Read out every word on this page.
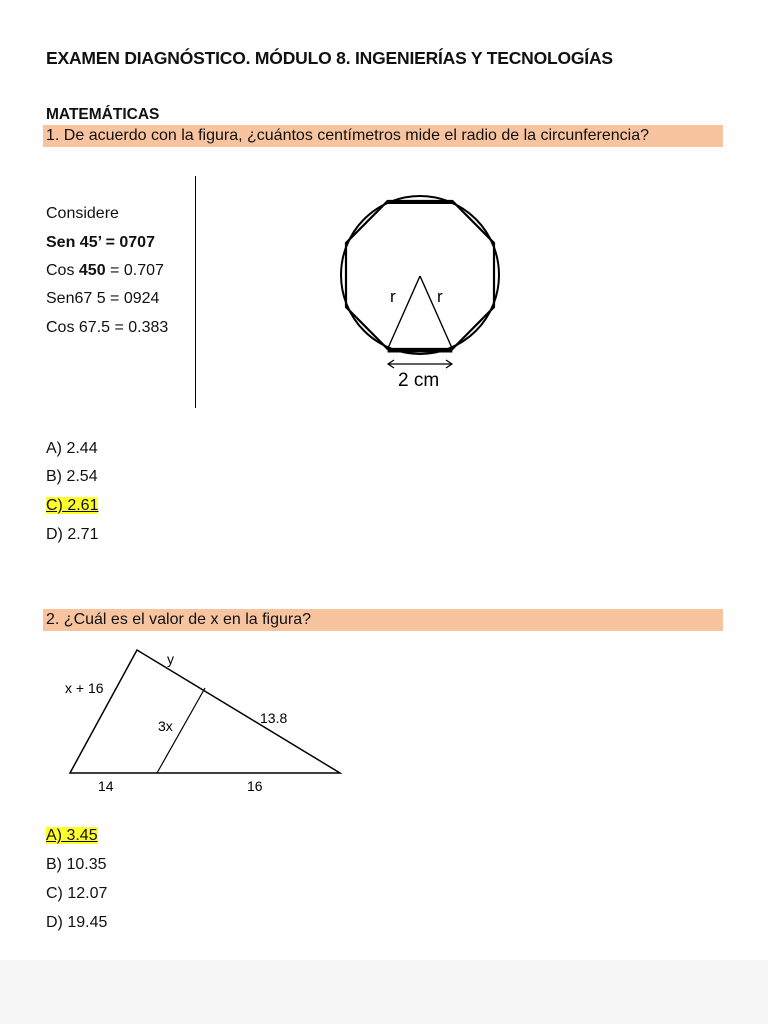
EXAMEN DIAGNÓSTICO. MÓDULO 8. INGENIERÍAS Y TECNOLOGÍAS
MATEMÁTICAS
1. De acuerdo con la figura, ¿cuántos centímetros mide el radio de la circunferencia?
Considere
Sen 45’ = 0707
Cos 450 = 0.707
Sen67 5 = 0924
Cos 67.5 = 0.383
r r
2 cm
A) 2.44
B) 2.54
C) 2.61
D) 2.71
2. ¿Cuál es el valor de x en la figura?
y
x + 16
3x	13.8
14	16
A) 3.45
B) 10.35
C) 12.07
D) 19.45
